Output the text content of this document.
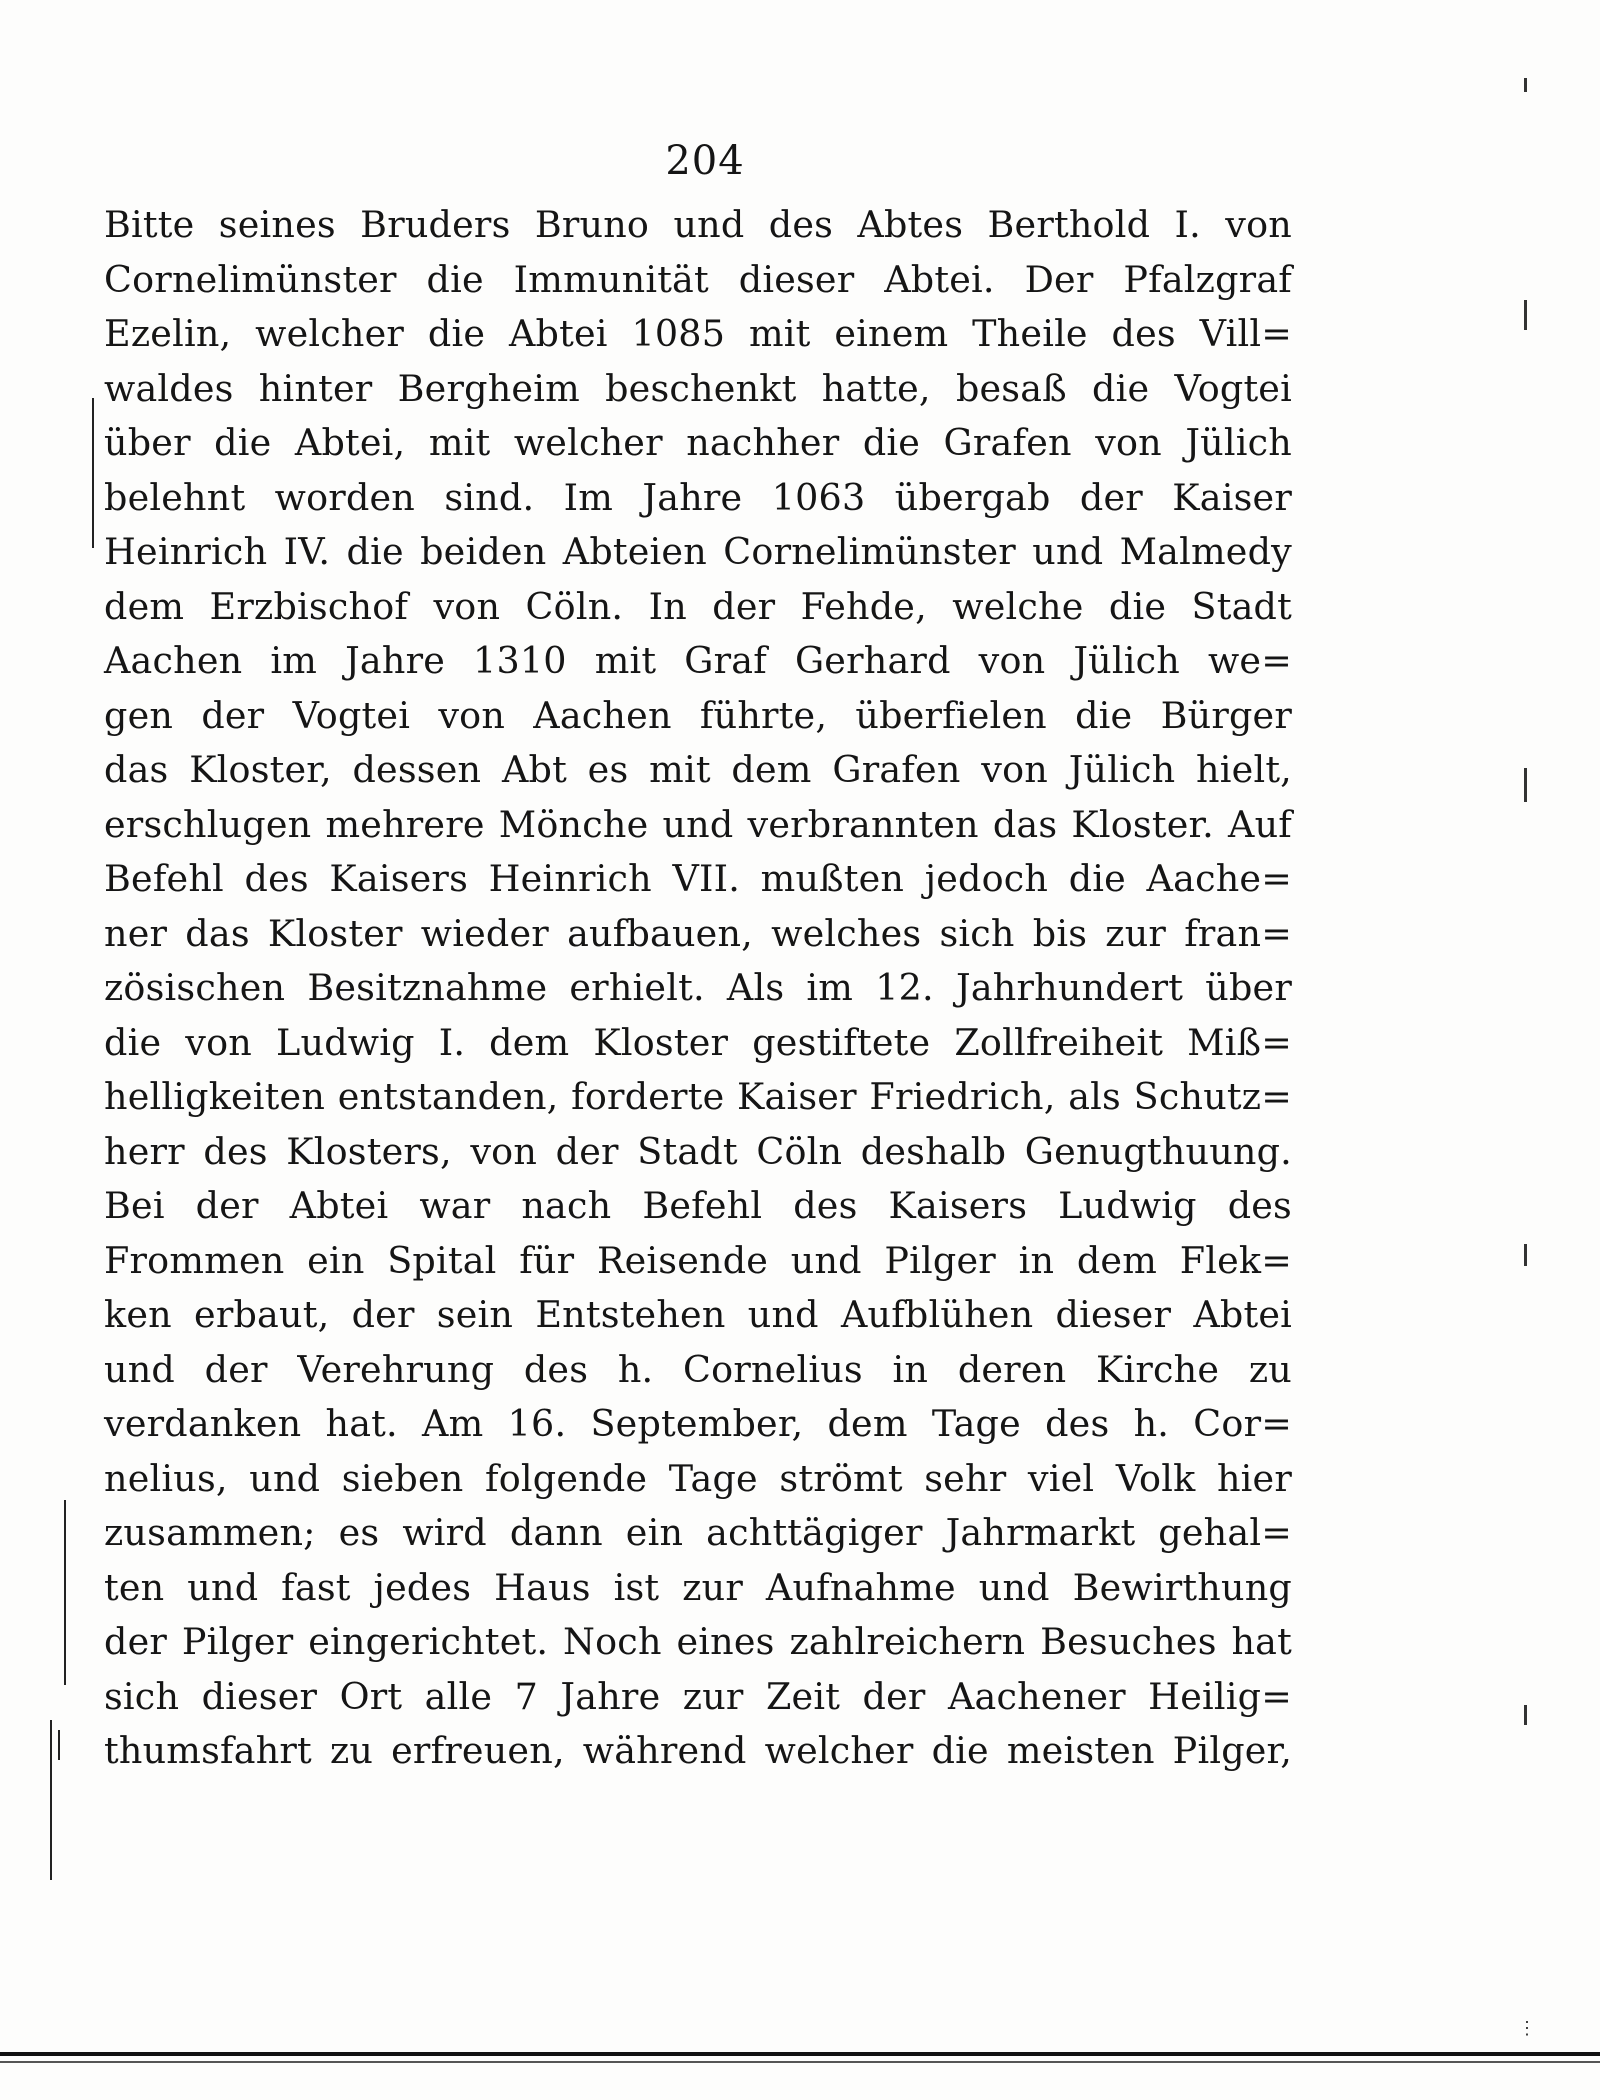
204
Bitte seines Bruders Bruno und des Abtes Berthold I. von
Cornelimünster die Immunität dieser Abtei. Der Pfalzgraf
Ezelin, welcher die Abtei 1085 mit einem Theile des Vill=
waldes hinter Bergheim beschenkt hatte, besaß die Vogtei
über die Abtei, mit welcher nachher die Grafen von Jülich
belehnt worden sind. Im Jahre 1063 übergab der Kaiser
Heinrich IV. die beiden Abteien Cornelimünster und Malmedy
dem Erzbischof von Cöln. In der Fehde, welche die Stadt
Aachen im Jahre 1310 mit Graf Gerhard von Jülich we=
gen der Vogtei von Aachen führte, überfielen die Bürger
das Kloster, dessen Abt es mit dem Grafen von Jülich hielt,
erschlugen mehrere Mönche und verbrannten das Kloster. Auf
Befehl des Kaisers Heinrich VII. mußten jedoch die Aache=
ner das Kloster wieder aufbauen, welches sich bis zur fran=
zösischen Besitznahme erhielt. Als im 12. Jahrhundert über
die von Ludwig I. dem Kloster gestiftete Zollfreiheit Miß=
helligkeiten entstanden, forderte Kaiser Friedrich, als Schutz=
herr des Klosters, von der Stadt Cöln deshalb Genugthuung.
Bei der Abtei war nach Befehl des Kaisers Ludwig des
Frommen ein Spital für Reisende und Pilger in dem Flek=
ken erbaut, der sein Entstehen und Aufblühen dieser Abtei
und der Verehrung des h. Cornelius in deren Kirche zu
verdanken hat. Am 16. September, dem Tage des h. Cor=
nelius, und sieben folgende Tage strömt sehr viel Volk hier
zusammen; es wird dann ein achttägiger Jahrmarkt gehal=
ten und fast jedes Haus ist zur Aufnahme und Bewirthung
der Pilger eingerichtet. Noch eines zahlreichern Besuches hat
sich dieser Ort alle 7 Jahre zur Zeit der Aachener Heilig=
thumsfahrt zu erfreuen, während welcher die meisten Pilger,
⋮
